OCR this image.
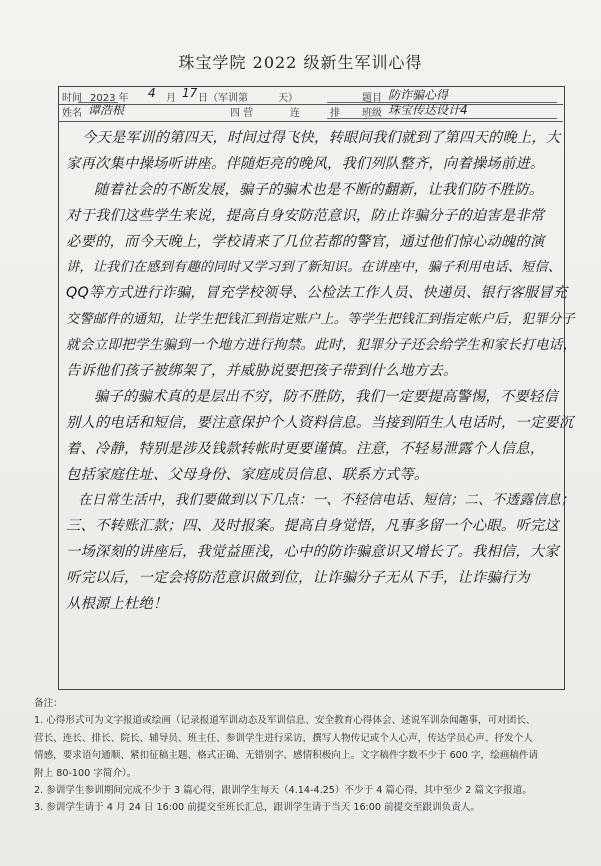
珠宝学院 2022 级新生军训心得
时间 2023 年 4 月 17 日（军训第	天）	题目 防诈骗心得
姓名 谭浩根	四 营	连	排 班级 珠宝传达设计4
今天是军训的第四天，时间过得飞快，转眼间我们就到了第四天的晚上，大
家再次集中操场听讲座。伴随炬亮的晚风，我们列队整齐，向着操场前进。
随着社会的不断发展，骗子的骗术也是不断的翻新，让我们防不胜防。
对于我们这些学生来说，提高自身安防范意识，防止诈骗分子的迫害是非常
必要的，而今天晚上，学校请来了几位若都的警官，通过他们惊心动魄的演
讲，让我们在感到有趣的同时又学习到了新知识。在讲座中，骗子利用电话、短信、
QQ等方式进行诈骗，冒充学校领导、公检法工作人员、快递员、银行客服冒充
交警邮件的通知，让学生把钱汇到指定账户上。等学生把钱汇到指定帐户后，犯罪分子
就会立即把学生骗到一个地方进行拘禁。此时，犯罪分子还会给学生和家长打电话，
告诉他们孩子被绑架了，并威胁说要把孩子带到什么地方去。
骗子的骗术真的是层出不穷，防不胜防，我们一定要提高警惕，不要轻信
别人的电话和短信，要注意保护个人资料信息。当接到陌生人电话时，一定要沉
着、冷静，特别是涉及钱款转帐时更要谨慎。注意，不轻易泄露个人信息，
包括家庭住址、父母身份、家庭成员信息、联系方式等。
在日常生活中，我们要做到以下几点：一、不轻信电话、短信；二、不透露信息；
三、不转账汇款；四、及时报案。提高自身觉悟，凡事多留一个心眼。听完这
一场深刻的讲座后，我觉益匪浅，心中的防诈骗意识又增长了。我相信，大家
听完以后，一定会将防范意识做到位，让诈骗分子无从下手，让诈骗行为
从根源上杜绝！
备注：
1. 心得形式可为文字报道或绘画（记录报道军训动态及军训信息、安全教育心得体会、述说军训杂闻趣事，可对团长、
营长、连长、排长、院长、辅导员、班主任、参训学生进行采访，撰写人物传记或个人心声，传达学员心声、抒发个人
情感，要求语句通顺、紧扣征稿主题、格式正确、无错别字、感情积极向上。文字稿件字数不少于 600 字，绘画稿件请
附上 80-100 字简介）。
2. 参训学生参训期间完成不少于 3 篇心得，跟训学生每天（4.14-4.25）不少于 4 篇心得，其中至少 2 篇文字报道。
3. 参训学生请于 4 月 24 日 16:00 前提交至班长汇总，跟训学生请于当天 16:00 前提交至跟训负责人。
